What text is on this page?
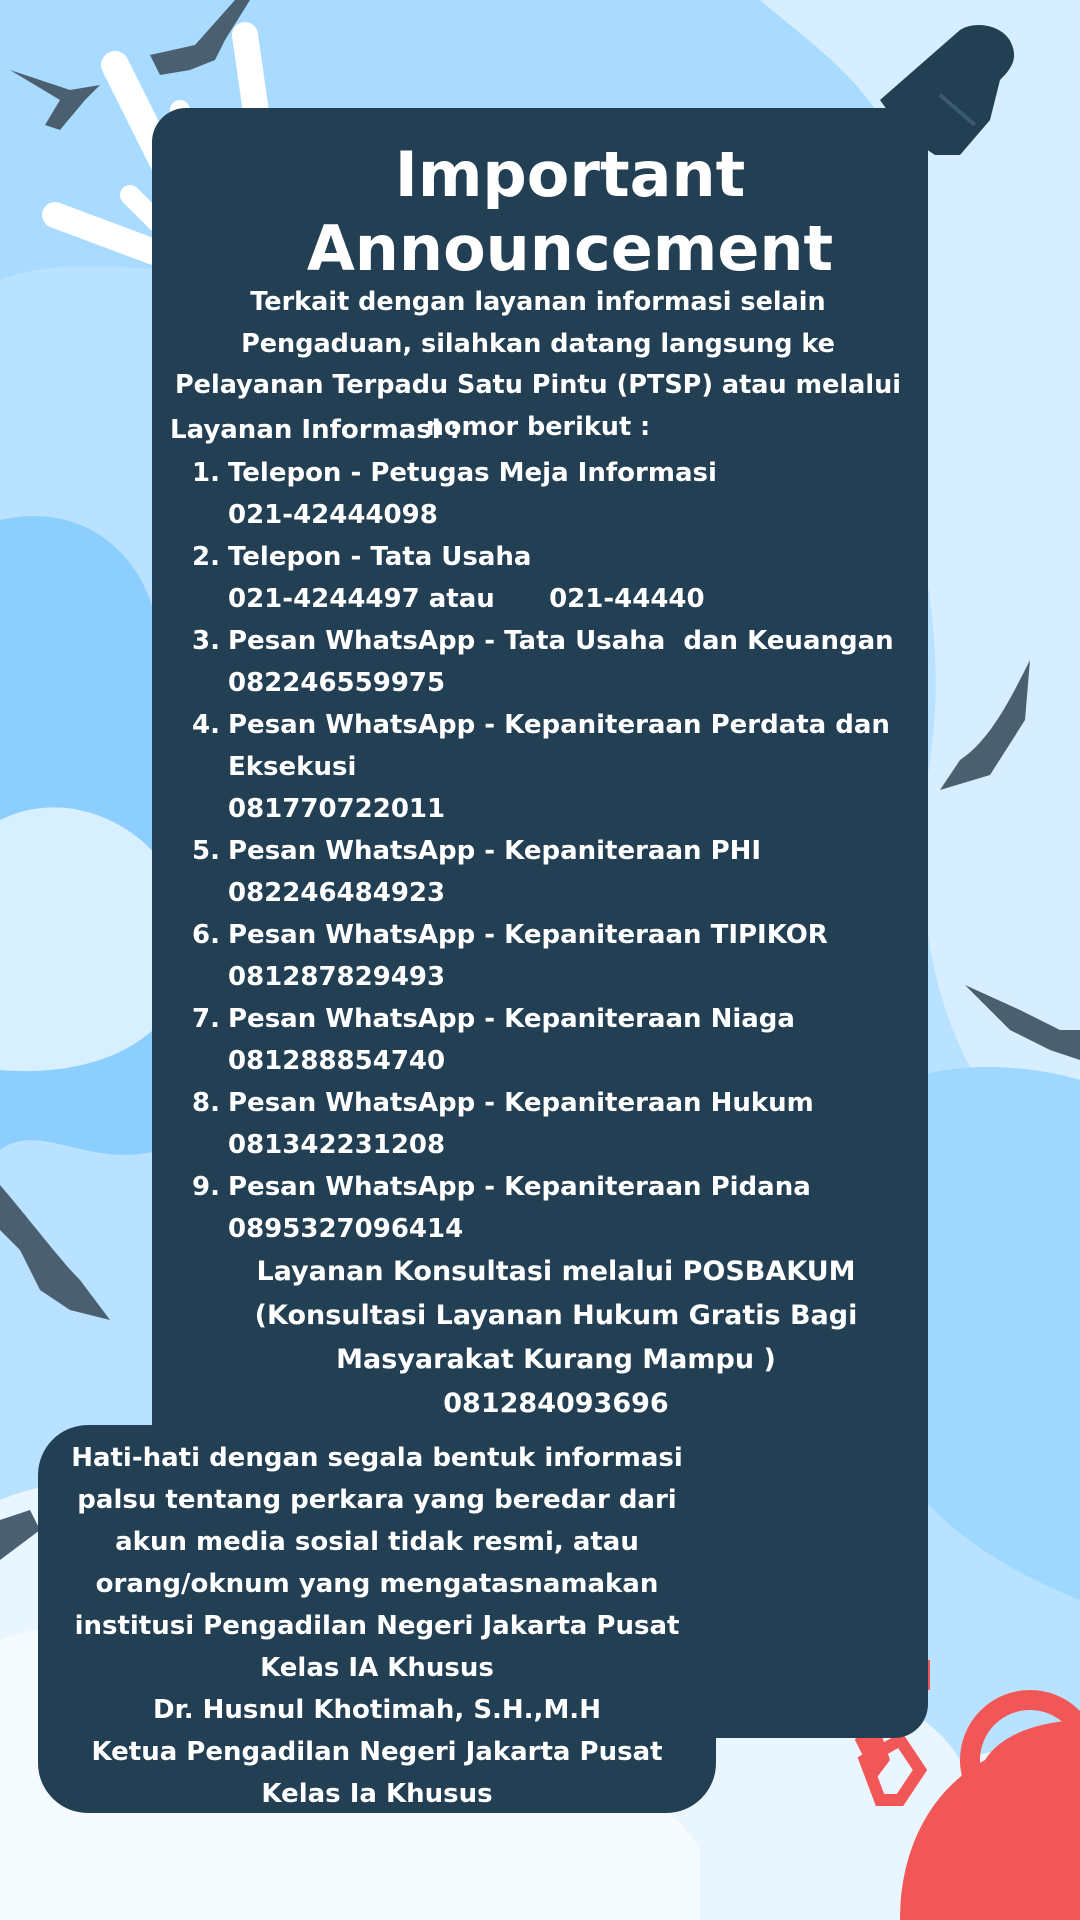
Important
Announcement
Terkait dengan layanan informasi selain Pengaduan, silahkan datang langsung ke Pelayanan Terpadu Satu Pintu (PTSP) atau melalui nomor berikut :
Layanan Informasi :
1. Telepon - Petugas Meja Informasi
021-42444098
2. Telepon - Tata Usaha
021-4244497 atau      021-44440
3. Pesan WhatsApp - Tata Usaha  dan Keuangan
082246559975
4. Pesan WhatsApp - Kepaniteraan Perdata dan Eksekusi
081770722011
5. Pesan WhatsApp - Kepaniteraan PHI
082246484923
6. Pesan WhatsApp - Kepaniteraan TIPIKOR
081287829493
7. Pesan WhatsApp - Kepaniteraan Niaga
081288854740
8. Pesan WhatsApp - Kepaniteraan Hukum
081342231208
9. Pesan WhatsApp - Kepaniteraan Pidana
0895327096414
Layanan Konsultasi melalui POSBAKUM
(Konsultasi Layanan Hukum Gratis Bagi
Masyarakat Kurang Mampu )
081284093696
Hati-hati dengan segala bentuk informasi palsu tentang perkara yang beredar dari akun media sosial tidak resmi, atau orang/oknum yang mengatasnamakan institusi Pengadilan Negeri Jakarta Pusat Kelas IA Khusus
Dr. Husnul Khotimah, S.H.,M.H
Ketua Pengadilan Negeri Jakarta Pusat
Kelas Ia Khusus
